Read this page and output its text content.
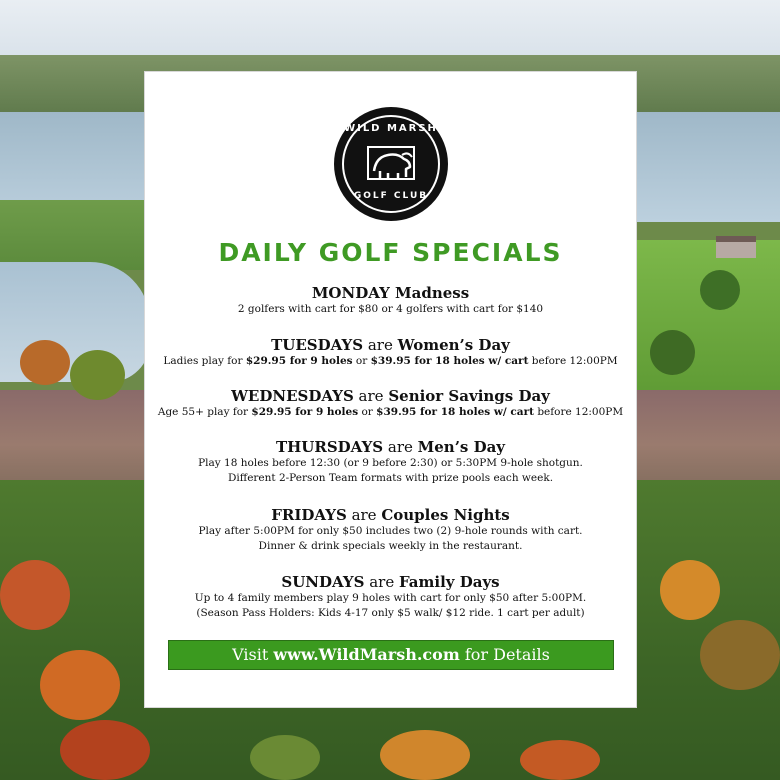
WILD MARSH
GOLF CLUB
DAILY GOLF SPECIALS
MONDAY Madness
2 golfers with cart for $80 or 4 golfers with cart for $140
TUESDAYS are Women’s Day
Ladies play for $29.95 for 9 holes or $39.95 for 18 holes w/ cart before 12:00PM
WEDNESDAYS are Senior Savings Day
Age 55+ play for $29.95 for 9 holes or $39.95 for 18 holes w/ cart before 12:00PM
THURSDAYS are Men’s Day
Play 18 holes before 12:30 (or 9 before 2:30) or 5:30PM 9-hole shotgun.
Different 2-Person Team formats with prize pools each week.
FRIDAYS are Couples Nights
Play after 5:00PM for only $50 includes two (2) 9-hole rounds with cart.
Dinner & drink specials weekly in the restaurant.
SUNDAYS are Family Days
Up to 4 family members play 9 holes with cart for only $50 after 5:00PM.
(Season Pass Holders: Kids 4-17 only $5 walk/ $12 ride. 1 cart per adult)
Visit www.WildMarsh.com for Details
menupix
